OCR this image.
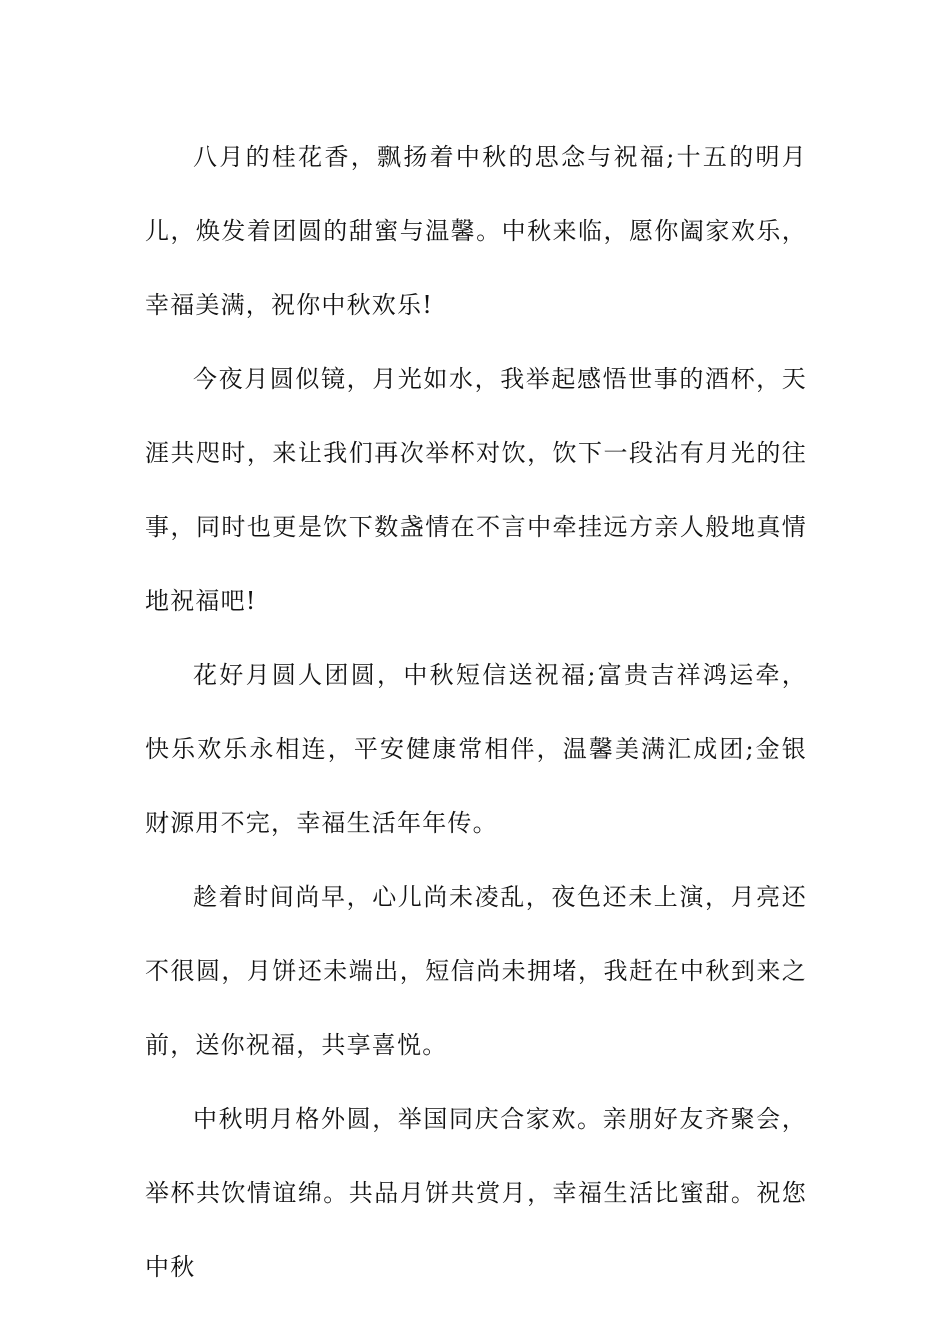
八月的桂花香，飘扬着中秋的思念与祝福;十五的明月儿，焕发着团圆的甜蜜与温馨。中秋来临，愿你阖家欢乐，幸福美满，祝你中秋欢乐!

今夜月圆似镜，月光如水，我举起感悟世事的酒杯，天涯共咫时，来让我们再次举杯对饮，饮下一段沾有月光的往事，同时也更是饮下数盏情在不言中牵挂远方亲人般地真情地祝福吧!

花好月圆人团圆，中秋短信送祝福;富贵吉祥鸿运牵，快乐欢乐永相连，平安健康常相伴，温馨美满汇成团;金银财源用不完，幸福生活年年传。

趁着时间尚早，心儿尚未凌乱，夜色还未上演，月亮还不很圆，月饼还未端出，短信尚未拥堵，我赶在中秋到来之前，送你祝福，共享喜悦。

中秋明月格外圆，举国同庆合家欢。亲朋好友齐聚会，举杯共饮情谊绵。共品月饼共赏月，幸福生活比蜜甜。祝您中秋
